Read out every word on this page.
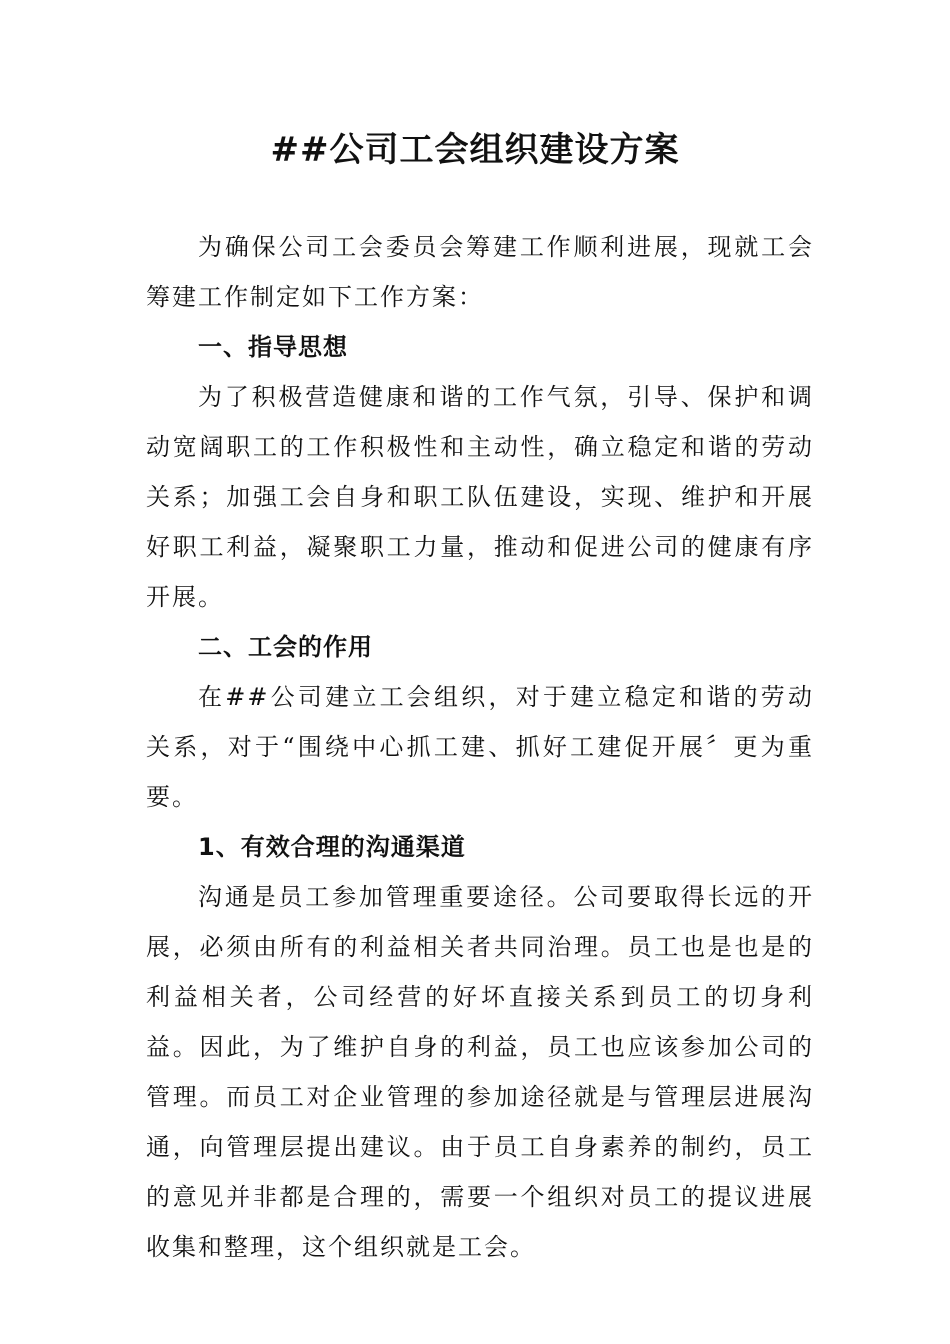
##公司工会组织建设方案

为确保公司工会委员会筹建工作顺利进展，现就工会筹建工作制定如下工作方案：

一、指导思想

为了积极营造健康和谐的工作气氛，引导、保护和调动宽阔职工的工作积极性和主动性，确立稳定和谐的劳动关系；加强工会自身和职工队伍建设，实现、维护和开展好职工利益，凝聚职工力量，推动和促进公司的健康有序开展。

二、工会的作用

在##公司建立工会组织，对于建立稳定和谐的劳动关系，对于“围绕中心抓工建、抓好工建促开展〞更为重要。

1、有效合理的沟通渠道

沟通是员工参加管理重要途径。公司要取得长远的开展，必须由所有的利益相关者共同治理。员工也是也是的利益相关者，公司经营的好坏直接关系到员工的切身利益。因此，为了维护自身的利益，员工也应该参加公司的管理。而员工对企业管理的参加途径就是与管理层进展沟通，向管理层提出建议。由于员工自身素养的制约，员工的意见并非都是合理的，需要一个组织对员工的提议进展收集和整理，这个组织就是工会。
